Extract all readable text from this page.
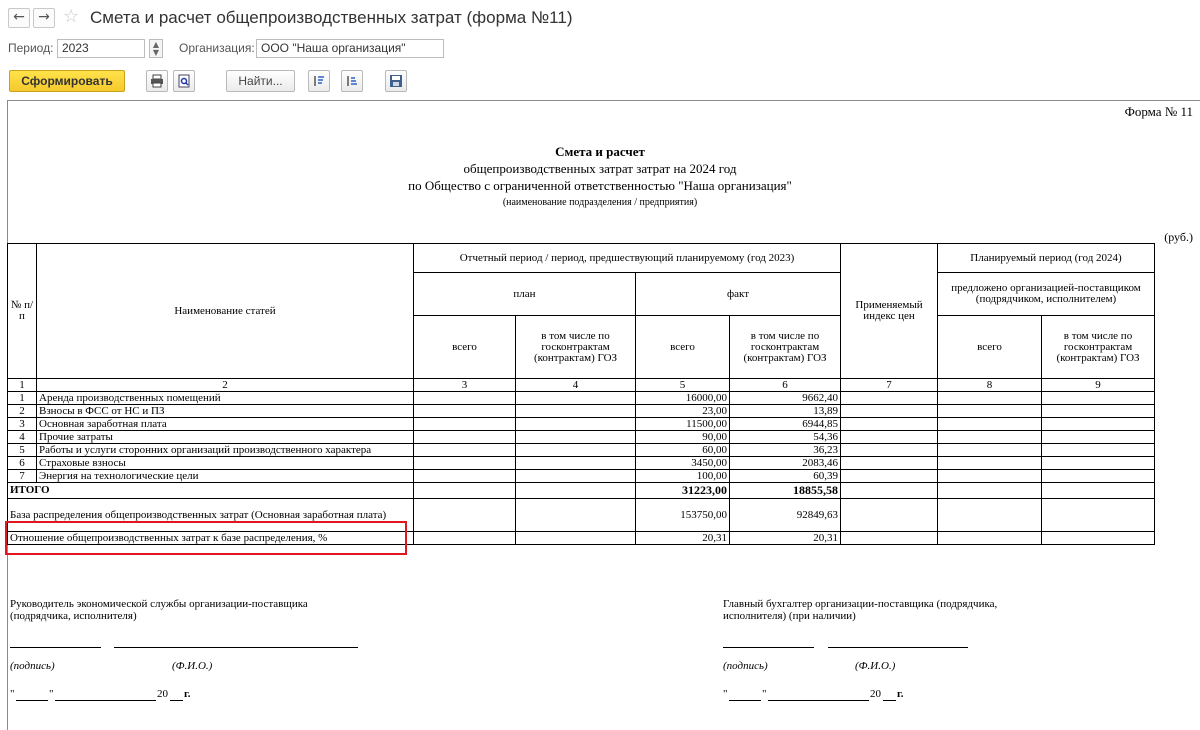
← → ☆ Смета и расчет общепроизводственных затрат (форма №11)
Период: 2023	▲
▼	Организация: ООО "Наша организация"
Сформировать	Найти...
Форма № 11
Смета и расчет
общепроизводственных затрат затрат на 2024 год
по Общество с ограниченной ответственностью "Наша организация"
(наименование подразделения / предприятия)
(руб.)
№ п/п	Наименование статей	Отчетный период / период, предшествующий планируемому (год 2023)				Применяемый индекс цен	Планируемый период (год 2024)	
		план		факт			предложено организацией-поставщиком (подрядчиком, исполнителем)	
		всего	в том числе по госконтрактам (контрактам) ГОЗ	всего	в том числе по госконтрактам (контрактам) ГОЗ		всего	в том числе по госконтрактам (контрактам) ГОЗ
1	2	3	4	5	6	7	8	9
1	Аренда производственных помещений			16000,00	9662,40			
2	Взносы в ФСС от НС и ПЗ			23,00	13,89			
3	Основная заработная плата			11500,00	6944,85			
4	Прочие затраты			90,00	54,36			
5	Работы и услуги сторонних организаций производственного характера			60,00	36,23			
6	Страховые взносы			3450,00	2083,46			
7	Энергия на технологические цели			100,00	60,39			
ИТОГО				31223,00	18855,58			
База распределения общепроизводственных затрат (Основная заработная плата)				153750,00	92849,63			
Отношение общепроизводственных затрат к базе распределения, %				20,31	20,31			
Руководитель экономической службы организации-поставщика (подрядчика, исполнителя)
(подпись)	(Ф.И.О.)
"	"	20 г.
Главный бухгалтер организации-поставщика (подрядчика, исполнителя) (при наличии)
(подпись)	(Ф.И.О.)
"	"	20 г.
